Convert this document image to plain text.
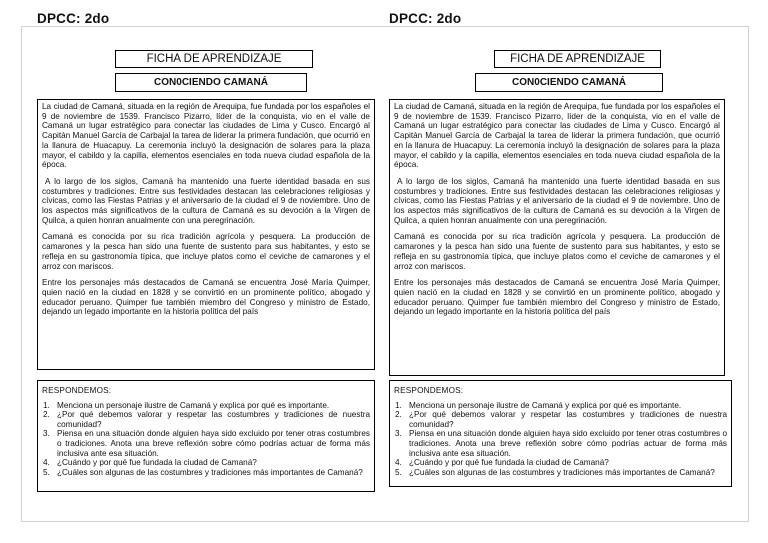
DPCC: 2do
FICHA DE APRENDIZAJE
CON0CIENDO CAMANÁ

La ciudad de Camaná, situada en la región de Arequipa, fue fundada por los españoles el 9 de noviembre de 1539. Francisco Pizarro, líder de la conquista, vio en el valle de Camaná un lugar estratégico para conectar las ciudades de Lima y Cusco. Encargó al Capitán Manuel García de Carbajal la tarea de liderar la primera fundación, que ocurrió en la llanura de Huacapuy. La ceremonia incluyó la designación de solares para la plaza mayor, el cabildo y la capilla, elementos esenciales en toda nueva ciudad española de la época.

A lo largo de los siglos, Camaná ha mantenido una fuerte identidad basada en sus costumbres y tradiciones. Entre sus festividades destacan las celebraciones religiosas y cívicas, como las Fiestas Patrias y el aniversario de la ciudad el 9 de noviembre. Uno de los aspectos más significativos de la cultura de Camaná es su devoción a la Virgen de Quilca, a quien honran anualmente con una peregrinación.

Camaná es conocida por su rica tradición agrícola y pesquera. La producción de camarones y la pesca han sido una fuente de sustento para sus habitantes, y esto se refleja en su gastronomía típica, que incluye platos como el ceviche de camarones y el arroz con mariscos.

Entre los personajes más destacados de Camaná se encuentra José María Quimper, quien nació en la ciudad en 1828 y se convirtió en un prominente político, abogado y educador peruano. Quimper fue también miembro del Congreso y ministro de Estado, dejando un legado importante en la historia política del país

RESPONDEMOS:
1. Menciona un personaje ilustre de Camaná y explica por qué es importante.
2. ¿Por qué debemos valorar y respetar las costumbres y tradiciones de nuestra comunidad?
3. Piensa en una situación donde alguien haya sido excluido por tener otras costumbres o tradiciones. Anota una breve reflexión sobre cómo podrías actuar de forma más inclusiva ante esa situación.
4. ¿Cuándo y por qué fue fundada la ciudad de Camaná?
5. ¿Cuáles son algunas de las costumbres y tradiciones más importantes de Camaná?
DPCC: 2do
FICHA DE APRENDIZAJE
CON0CIENDO CAMANÁ

La ciudad de Camaná, situada en la región de Arequipa, fue fundada por los españoles el 9 de noviembre de 1539. Francisco Pizarro, líder de la conquista, vio en el valle de Camaná un lugar estratégico para conectar las ciudades de Lima y Cusco. Encargó al Capitán Manuel García de Carbajal la tarea de liderar la primera fundación, que ocurrió en la llanura de Huacapuy. La ceremonia incluyó la designación de solares para la plaza mayor, el cabildo y la capilla, elementos esenciales en toda nueva ciudad española de la época.

A lo largo de los siglos, Camaná ha mantenido una fuerte identidad basada en sus costumbres y tradiciones. Entre sus festividades destacan las celebraciones religiosas y cívicas, como las Fiestas Patrias y el aniversario de la ciudad el 9 de noviembre. Uno de los aspectos más significativos de la cultura de Camaná es su devoción a la Virgen de Quilca, a quien honran anualmente con una peregrinación.

Camaná es conocida por su rica tradición agrícola y pesquera. La producción de camarones y la pesca han sido una fuente de sustento para sus habitantes, y esto se refleja en su gastronomía típica, que incluye platos como el ceviche de camarones y el arroz con mariscos.

Entre los personajes más destacados de Camaná se encuentra José María Quimper, quien nació en la ciudad en 1828 y se convirtió en un prominente político, abogado y educador peruano. Quimper fue también miembro del Congreso y ministro de Estado, dejando un legado importante en la historia política del país

RESPONDEMOS:
1. Menciona un personaje ilustre de Camaná y explica por qué es importante.
2. ¿Por qué debemos valorar y respetar las costumbres y tradiciones de nuestra comunidad?
3. Piensa en una situación donde alguien haya sido excluido por tener otras costumbres o tradiciones. Anota una breve reflexión sobre cómo podrías actuar de forma más inclusiva ante esa situación.
4. ¿Cuándo y por qué fue fundada la ciudad de Camaná?
5. ¿Cuáles son algunas de las costumbres y tradiciones más importantes de Camaná?
